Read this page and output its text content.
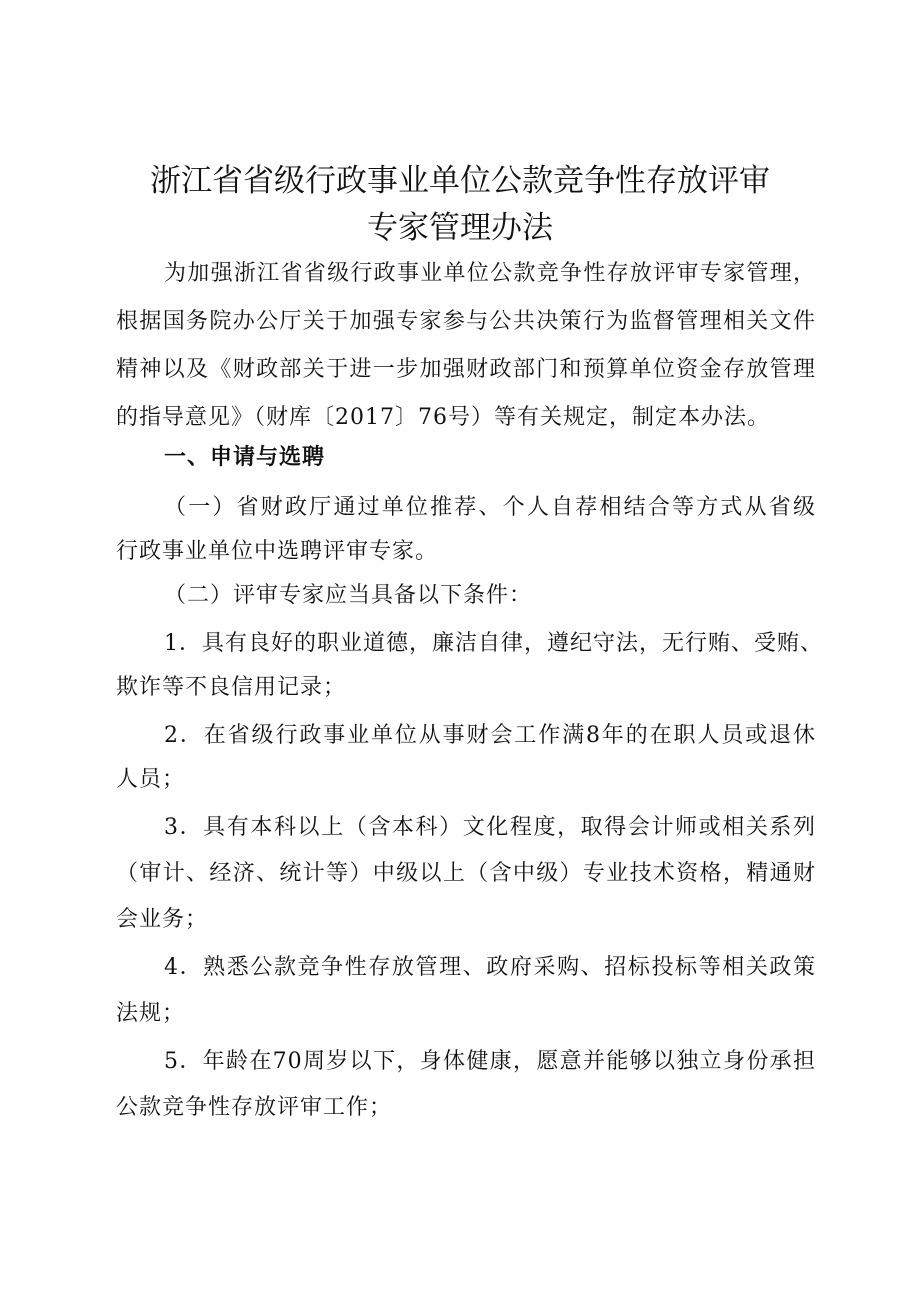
浙江省省级行政事业单位公款竞争性存放评审
专家管理办法

为加强浙江省省级行政事业单位公款竞争性存放评审专家管理，

根据国务院办公厅关于加强专家参与公共决策行为监督管理相关文件

精神以及《财政部关于进一步加强财政部门和预算单位资金存放管理

的指导意见》（财库〔2017〕76号）等有关规定，制定本办法。

一、申请与选聘

（一）省财政厅通过单位推荐、个人自荐相结合等方式从省级

行政事业单位中选聘评审专家。

（二）评审专家应当具备以下条件：

1．具有良好的职业道德，廉洁自律，遵纪守法，无行贿、受贿、

欺诈等不良信用记录；

2．在省级行政事业单位从事财会工作满8年的在职人员或退休

人员；

3．具有本科以上（含本科）文化程度，取得会计师或相关系列

（审计、经济、统计等）中级以上（含中级）专业技术资格，精通财

会业务；

4．熟悉公款竞争性存放管理、政府采购、招标投标等相关政策

法规；

5．年龄在70周岁以下，身体健康，愿意并能够以独立身份承担

公款竞争性存放评审工作；
